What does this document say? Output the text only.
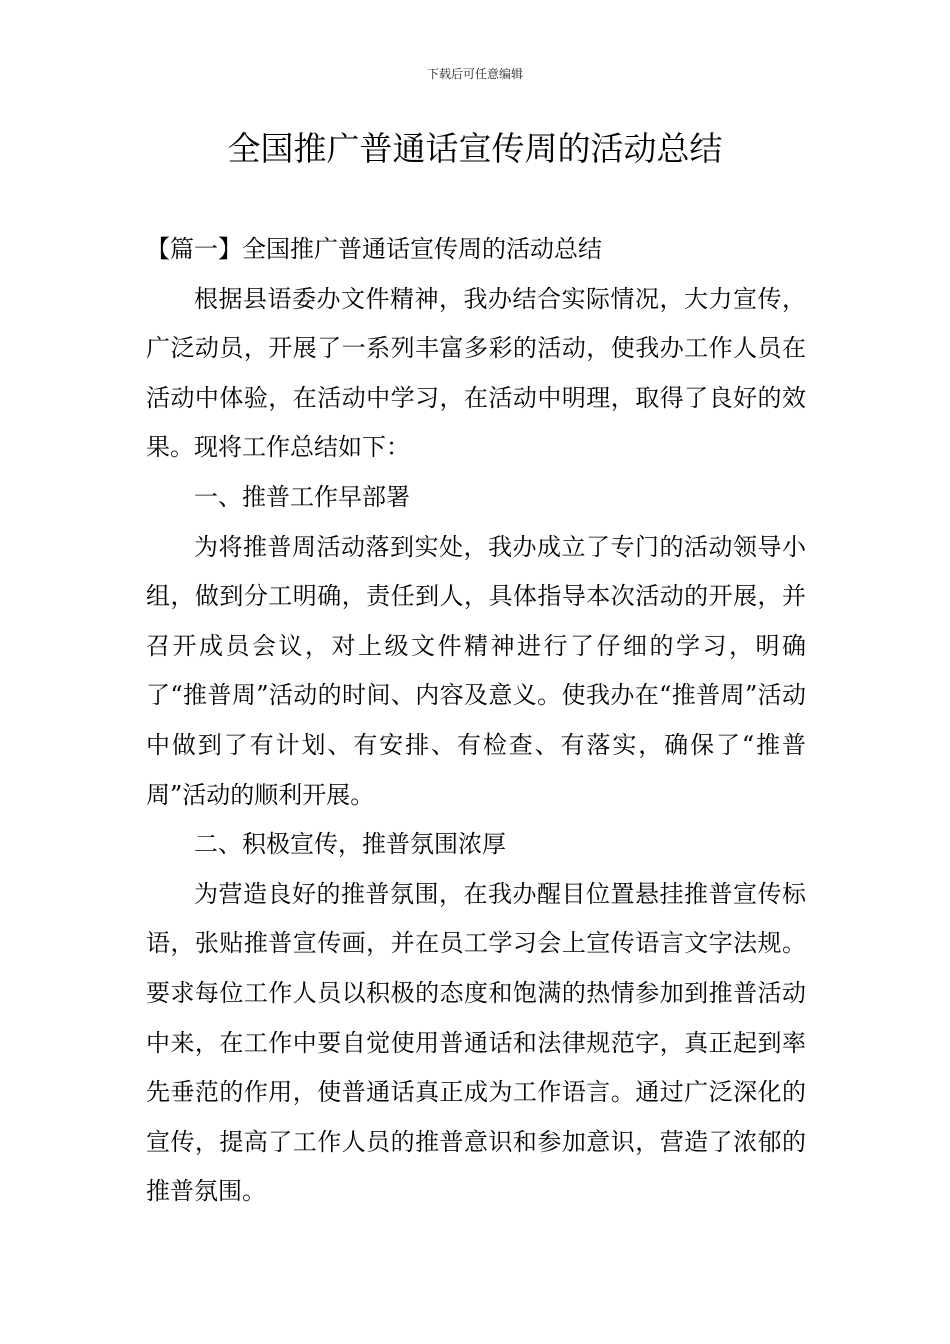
下载后可任意编辑
全国推广普通话宣传周的活动总结

【篇一】全国推广普通话宣传周的活动总结

根据县语委办文件精神，我办结合实际情况，大力宣传，广泛动员，开展了一系列丰富多彩的活动，使我办工作人员在活动中体验，在活动中学习，在活动中明理，取得了良好的效果。现将工作总结如下：

一、推普工作早部署

为将推普周活动落到实处，我办成立了专门的活动领导小组，做到分工明确，责任到人，具体指导本次活动的开展，并召开成员会议，对上级文件精神进行了仔细的学习，明确了“推普周”活动的时间、内容及意义。使我办在“推普周”活动中做到了有计划、有安排、有检查、有落实，确保了“推普周”活动的顺利开展。

二、积极宣传，推普氛围浓厚

为营造良好的推普氛围，在我办醒目位置悬挂推普宣传标语，张贴推普宣传画，并在员工学习会上宣传语言文字法规。要求每位工作人员以积极的态度和饱满的热情参加到推普活动中来，在工作中要自觉使用普通话和法律规范字，真正起到率先垂范的作用，使普通话真正成为工作语言。通过广泛深化的宣传，提高了工作人员的推普意识和参加意识，营造了浓郁的推普氛围。
